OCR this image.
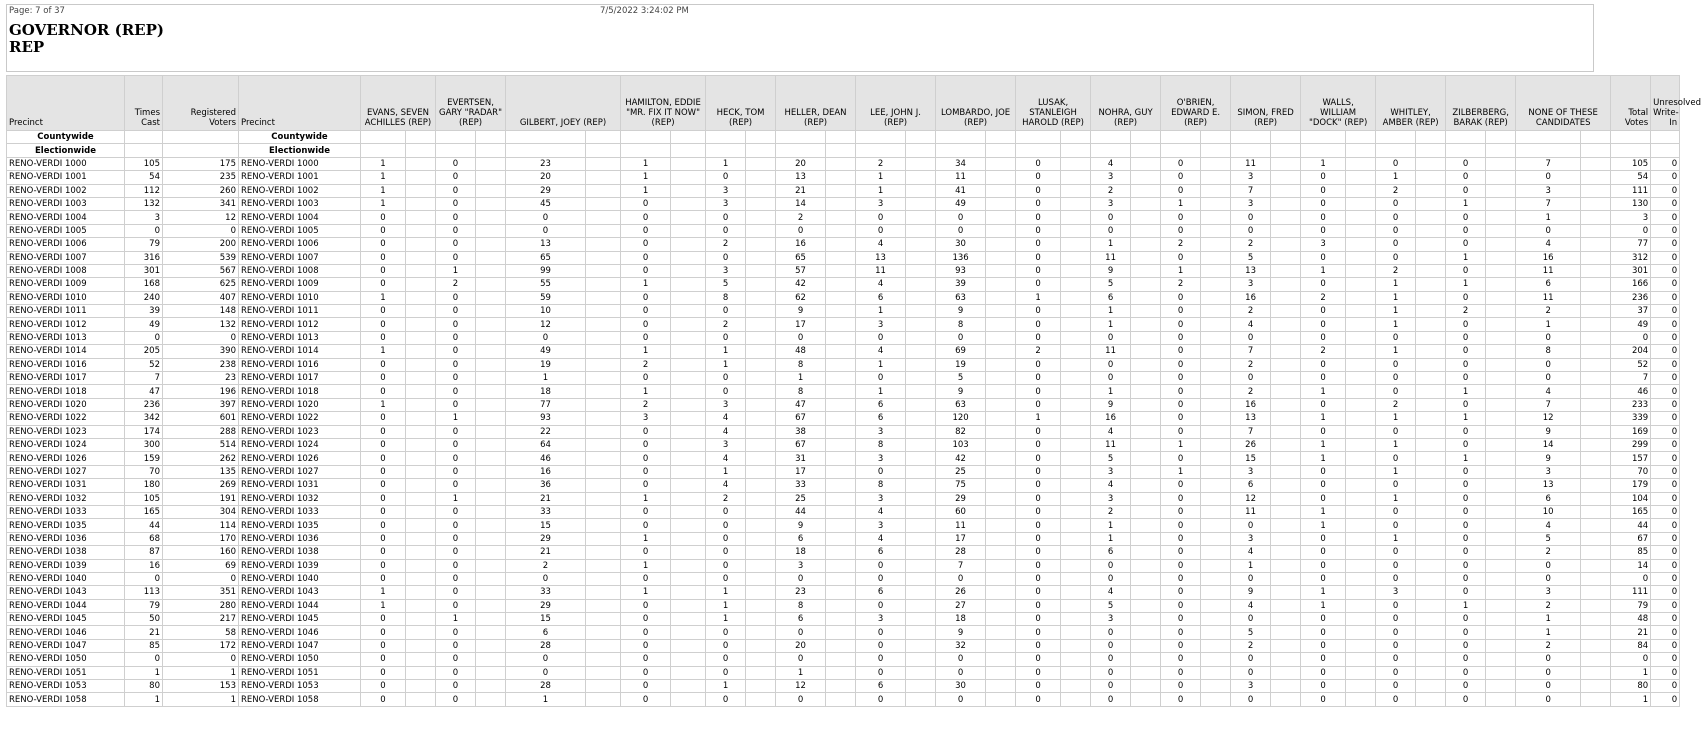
Page: 7 of 37	7/5/2022 3:24:02 PM
GOVERNOR (REP)
REP
Precinct	Times Cast	Registered Voters	Precinct	EVANS, SEVEN ACHILLES (REP)		EVERTSEN, GARY "RADAR" (REP)		GILBERT, JOEY (REP)		HAMILTON, EDDIE "MR. FIX IT NOW" (REP)		HECK, TOM (REP)		HELLER, DEAN (REP)		LEE, JOHN J. (REP)		LOMBARDO, JOE (REP)		LUSAK, STANLEIGH HAROLD (REP)		NOHRA, GUY (REP)		O'BRIEN, EDWARD E. (REP)		SIMON, FRED (REP)		WALLS, WILLIAM "DOCK" (REP)		WHITLEY, AMBER (REP)		ZILBERBERG, BARAK (REP)		NONE OF THESE CANDIDATES		Total Votes	Unresolved Write-In
Countywide			Countywide																																		
Electionwide			Electionwide																																		
RENO-VERDI 1000	105	175	RENO-VERDI 1000	1		0		23		1		1		20		2		34		0		4		0		11		1		0		0		7		105	0
RENO-VERDI 1001	54	235	RENO-VERDI 1001	1		0		20		1		0		13		1		11		0		3		0		3		0		1		0		0		54	0
RENO-VERDI 1002	112	260	RENO-VERDI 1002	1		0		29		1		3		21		1		41		0		2		0		7		0		2		0		3		111	0
RENO-VERDI 1003	132	341	RENO-VERDI 1003	1		0		45		0		3		14		3		49		0		3		1		3		0		0		1		7		130	0
RENO-VERDI 1004	3	12	RENO-VERDI 1004	0		0		0		0		0		2		0		0		0		0		0		0		0		0		0		1		3	0
RENO-VERDI 1005	0	0	RENO-VERDI 1005	0		0		0		0		0		0		0		0		0		0		0		0		0		0		0		0		0	0
RENO-VERDI 1006	79	200	RENO-VERDI 1006	0		0		13		0		2		16		4		30		0		1		2		2		3		0		0		4		77	0
RENO-VERDI 1007	316	539	RENO-VERDI 1007	0		0		65		0		0		65		13		136		0		11		0		5		0		0		1		16		312	0
RENO-VERDI 1008	301	567	RENO-VERDI 1008	0		1		99		0		3		57		11		93		0		9		1		13		1		2		0		11		301	0
RENO-VERDI 1009	168	625	RENO-VERDI 1009	0		2		55		1		5		42		4		39		0		5		2		3		0		1		1		6		166	0
RENO-VERDI 1010	240	407	RENO-VERDI 1010	1		0		59		0		8		62		6		63		1		6		0		16		2		1		0		11		236	0
RENO-VERDI 1011	39	148	RENO-VERDI 1011	0		0		10		0		0		9		1		9		0		1		0		2		0		1		2		2		37	0
RENO-VERDI 1012	49	132	RENO-VERDI 1012	0		0		12		0		2		17		3		8		0		1		0		4		0		1		0		1		49	0
RENO-VERDI 1013	0	0	RENO-VERDI 1013	0		0		0		0		0		0		0		0		0		0		0		0		0		0		0		0		0	0
RENO-VERDI 1014	205	390	RENO-VERDI 1014	1		0		49		1		1		48		4		69		2		11		0		7		2		1		0		8		204	0
RENO-VERDI 1016	52	238	RENO-VERDI 1016	0		0		19		2		1		8		1		19		0		0		0		2		0		0		0		0		52	0
RENO-VERDI 1017	7	23	RENO-VERDI 1017	0		0		1		0		0		1		0		5		0		0		0		0		0		0		0		0		7	0
RENO-VERDI 1018	47	196	RENO-VERDI 1018	0		0		18		1		0		8		1		9		0		1		0		2		1		0		1		4		46	0
RENO-VERDI 1020	236	397	RENO-VERDI 1020	1		0		77		2		3		47		6		63		0		9		0		16		0		2		0		7		233	0
RENO-VERDI 1022	342	601	RENO-VERDI 1022	0		1		93		3		4		67		6		120		1		16		0		13		1		1		1		12		339	0
RENO-VERDI 1023	174	288	RENO-VERDI 1023	0		0		22		0		4		38		3		82		0		4		0		7		0		0		0		9		169	0
RENO-VERDI 1024	300	514	RENO-VERDI 1024	0		0		64		0		3		67		8		103		0		11		1		26		1		1		0		14		299	0
RENO-VERDI 1026	159	262	RENO-VERDI 1026	0		0		46		0		4		31		3		42		0		5		0		15		1		0		1		9		157	0
RENO-VERDI 1027	70	135	RENO-VERDI 1027	0		0		16		0		1		17		0		25		0		3		1		3		0		1		0		3		70	0
RENO-VERDI 1031	180	269	RENO-VERDI 1031	0		0		36		0		4		33		8		75		0		4		0		6		0		0		0		13		179	0
RENO-VERDI 1032	105	191	RENO-VERDI 1032	0		1		21		1		2		25		3		29		0		3		0		12		0		1		0		6		104	0
RENO-VERDI 1033	165	304	RENO-VERDI 1033	0		0		33		0		0		44		4		60		0		2		0		11		1		0		0		10		165	0
RENO-VERDI 1035	44	114	RENO-VERDI 1035	0		0		15		0		0		9		3		11		0		1		0		0		1		0		0		4		44	0
RENO-VERDI 1036	68	170	RENO-VERDI 1036	0		0		29		1		0		6		4		17		0		1		0		3		0		1		0		5		67	0
RENO-VERDI 1038	87	160	RENO-VERDI 1038	0		0		21		0		0		18		6		28		0		6		0		4		0		0		0		2		85	0
RENO-VERDI 1039	16	69	RENO-VERDI 1039	0		0		2		1		0		3		0		7		0		0		0		1		0		0		0		0		14	0
RENO-VERDI 1040	0	0	RENO-VERDI 1040	0		0		0		0		0		0		0		0		0		0		0		0		0		0		0		0		0	0
RENO-VERDI 1043	113	351	RENO-VERDI 1043	1		0		33		1		1		23		6		26		0		4		0		9		1		3		0		3		111	0
RENO-VERDI 1044	79	280	RENO-VERDI 1044	1		0		29		0		1		8		0		27		0		5		0		4		1		0		1		2		79	0
RENO-VERDI 1045	50	217	RENO-VERDI 1045	0		1		15		0		1		6		3		18		0		3		0		0		0		0		0		1		48	0
RENO-VERDI 1046	21	58	RENO-VERDI 1046	0		0		6		0		0		0		0		9		0		0		0		5		0		0		0		1		21	0
RENO-VERDI 1047	85	172	RENO-VERDI 1047	0		0		28		0		0		20		0		32		0		0		0		2		0		0		0		2		84	0
RENO-VERDI 1050	0	0	RENO-VERDI 1050	0		0		0		0		0		0		0		0		0		0		0		0		0		0		0		0		0	0
RENO-VERDI 1051	1	1	RENO-VERDI 1051	0		0		0		0		0		1		0		0		0		0		0		0		0		0		0		0		1	0
RENO-VERDI 1053	80	153	RENO-VERDI 1053	0		0		28		0		1		12		6		30		0		0		0		3		0		0		0		0		80	0
RENO-VERDI 1058	1	1	RENO-VERDI 1058	0		0		1		0		0		0		0		0		0		0		0		0		0		0		0		0		1	0
